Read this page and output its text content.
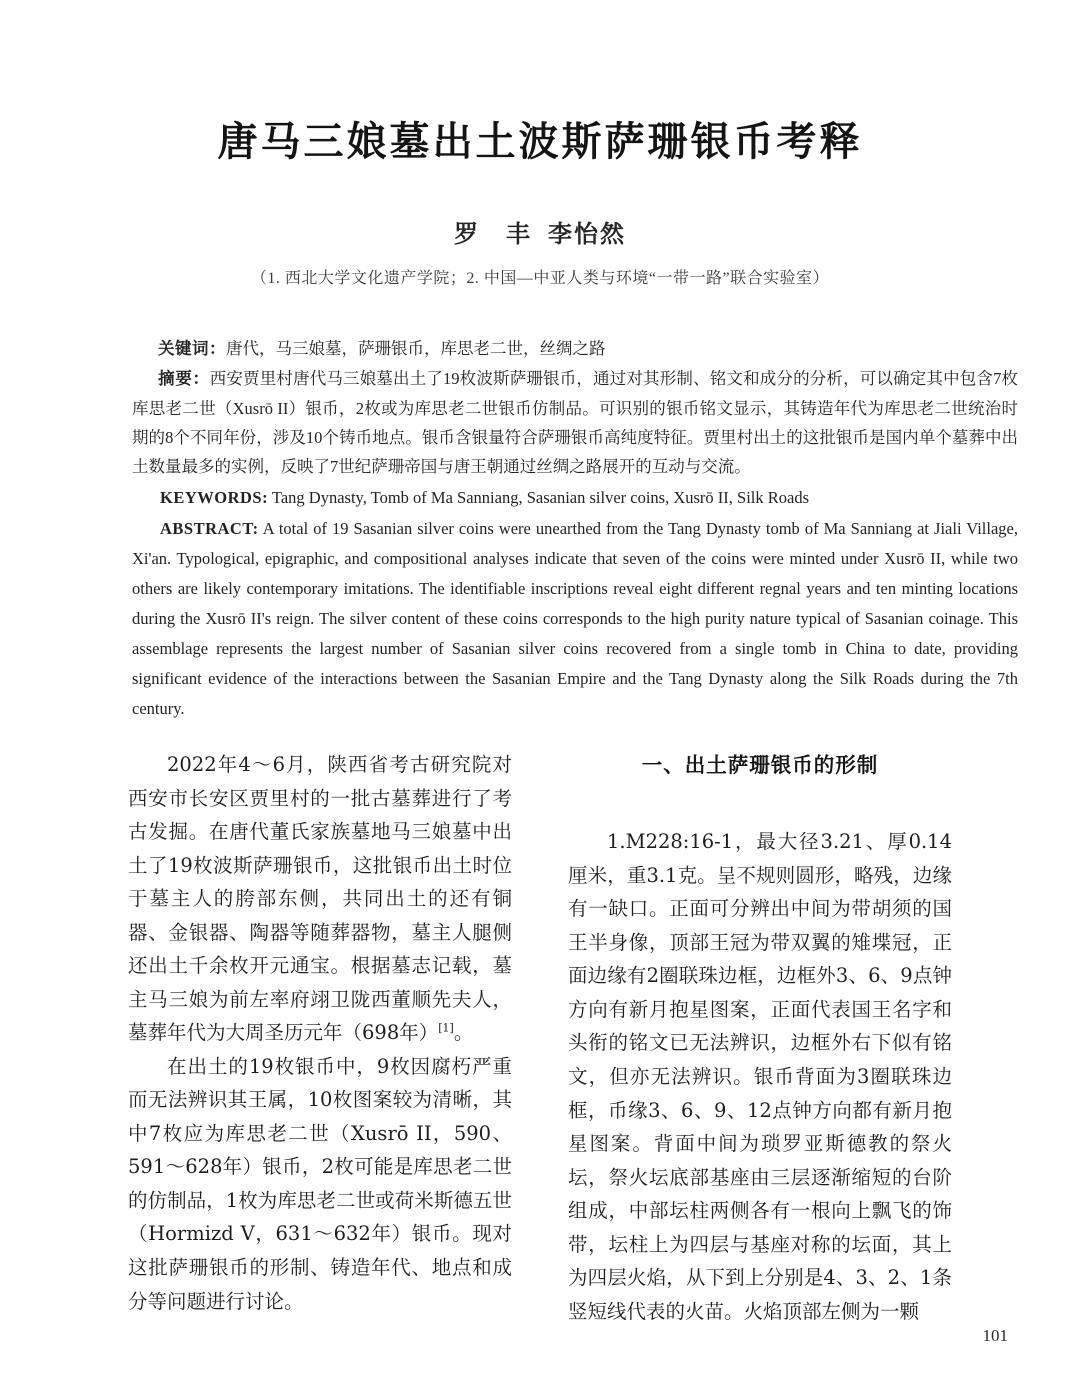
唐马三娘墓出土波斯萨珊银币考释
罗　丰 李怡然
（1. 西北大学文化遗产学院；2. 中国—中亚人类与环境“一带一路”联合实验室）

关键词：唐代，马三娘墓，萨珊银币，库思老二世，丝绸之路

摘要：西安贾里村唐代马三娘墓出土了19枚波斯萨珊银币，通过对其形制、铭文和成分的分析，可以确定其中包含7枚库思老二世（Xusrō II）银币，2枚或为库思老二世银币仿制品。可识别的银币铭文显示，其铸造年代为库思老二世统治时期的8个不同年份，涉及10个铸币地点。银币含银量符合萨珊银币高纯度特征。贾里村出土的这批银币是国内单个墓葬中出土数量最多的实例，反映了7世纪萨珊帝国与唐王朝通过丝绸之路展开的互动与交流。

KEYWORDS: Tang Dynasty, Tomb of Ma Sanniang, Sasanian silver coins, Xusrō II, Silk Roads

ABSTRACT: A total of 19 Sasanian silver coins were unearthed from the Tang Dynasty tomb of Ma Sanniang at Jiali Village, Xi'an. Typological, epigraphic, and compositional analyses indicate that seven of the coins were minted under Xusrō II, while two others are likely contemporary imitations. The identifiable inscriptions reveal eight different regnal years and ten minting locations during the Xusrō II's reign. The silver content of these coins corresponds to the high purity nature typical of Sasanian coinage. This assemblage represents the largest number of Sasanian silver coins recovered from a single tomb in China to date, providing significant evidence of the interactions between the Sasanian Empire and the Tang Dynasty along the Silk Roads during the 7th century.

2022年4～6月，陕西省考古研究院对西安市长安区贾里村的一批古墓葬进行了考古发掘。在唐代董氏家族墓地马三娘墓中出土了19枚波斯萨珊银币，这批银币出土时位于墓主人的胯部东侧，共同出土的还有铜器、金银器、陶器等随葬器物，墓主人腿侧还出土千余枚开元通宝。根据墓志记载，墓主马三娘为前左率府翊卫陇西董顺先夫人，墓葬年代为大周圣历元年（698年）[1]。

在出土的19枚银币中，9枚因腐朽严重而无法辨识其王属，10枚图案较为清晰，其中7枚应为库思老二世（Xusrō II，590、591～628年）银币，2枚可能是库思老二世的仿制品，1枚为库思老二世或荷米斯德五世（Hormizd V，631～632年）银币。现对这批萨珊银币的形制、铸造年代、地点和成分等问题进行讨论。

一、出土萨珊银币的形制

1.M228:16-1，最大径3.21、厚0.14厘米，重3.1克。呈不规则圆形，略残，边缘有一缺口。正面可分辨出中间为带胡须的国王半身像，顶部王冠为带双翼的雉堞冠，正面边缘有2圈联珠边框，边框外3、6、9点钟方向有新月抱星图案，正面代表国王名字和头衔的铭文已无法辨识，边框外右下似有铭文，但亦无法辨识。银币背面为3圈联珠边框，币缘3、6、9、12点钟方向都有新月抱星图案。背面中间为琐罗亚斯德教的祭火坛，祭火坛底部基座由三层逐渐缩短的台阶组成，中部坛柱两侧各有一根向上飘飞的饰带，坛柱上为四层与基座对称的坛面，其上为四层火焰，从下到上分别是4、3、2、1条竖短线代表的火苗。火焰顶部左侧为一颗

101
